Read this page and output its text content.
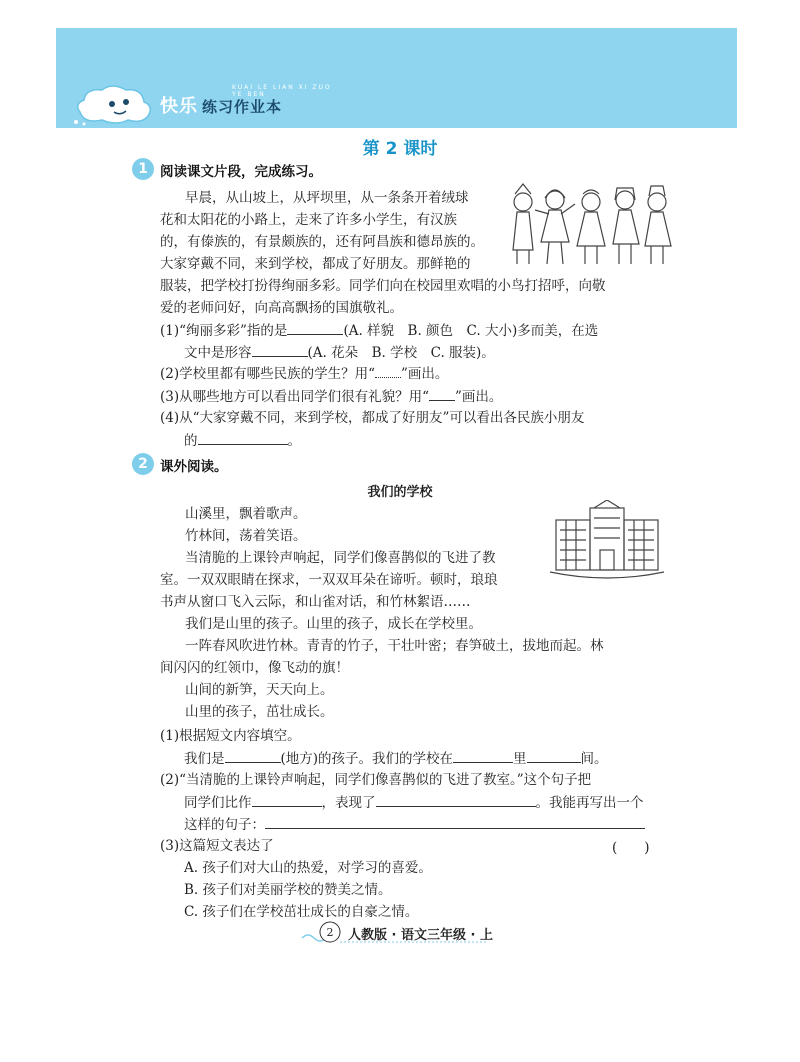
KUAI LE LIAN XI ZUO YE BEN
快乐 练习作业本
第 2 课时
1 阅读课文片段，完成练习。
早晨，从山坡上，从坪坝里，从一条条开着绒球
花和太阳花的小路上，走来了许多小学生，有汉族
的，有傣族的，有景颇族的，还有阿昌族和德昂族的。
大家穿戴不同，来到学校，都成了好朋友。那鲜艳的
服装，把学校打扮得绚丽多彩。同学们向在校园里欢唱的小鸟打招呼，向敬
爱的老师问好，向高高飘扬的国旗敬礼。
(1)“绚丽多彩”指的是	(A. 样貌　B. 颜色　C. 大小)多而美，在选
文中是形容	(A. 花朵　B. 学校　C. 服装)。
(2)学校里都有哪些民族的学生？用“ ”画出。
(3)从哪些地方可以看出同学们很有礼貌？用“ ”画出。
(4)从“大家穿戴不同，来到学校，都成了好朋友”可以看出各民族小朋友
的	。
2 课外阅读。
我们的学校
山溪里，飘着歌声。
竹林间，荡着笑语。
当清脆的上课铃声响起，同学们像喜鹊似的飞进了教
室。一双双眼睛在探求，一双双耳朵在谛听。顿时，琅琅
书声从窗口飞入云际，和山雀对话，和竹林絮语……
我们是山里的孩子。山里的孩子，成长在学校里。
一阵春风吹进竹林。青青的竹子，干壮叶密；春笋破土，拔地而起。林
间闪闪的红领巾，像飞动的旗！
山间的新笋，天天向上。
山里的孩子，茁壮成长。
(1)根据短文内容填空。
我们是	(地方)的孩子。我们的学校在	里	间。
(2)“当清脆的上课铃声响起，同学们像喜鹊似的飞进了教室。”这个句子把
同学们比作	，表现了	。我能再写出一个
这样的句子：
(3)这篇短文表达了	(　　)
A. 孩子们对大山的热爱，对学习的喜爱。
B. 孩子们对美丽学校的赞美之情。
C. 孩子们在学校茁壮成长的自豪之情。
2	人教版 · 语文三年级 · 上
